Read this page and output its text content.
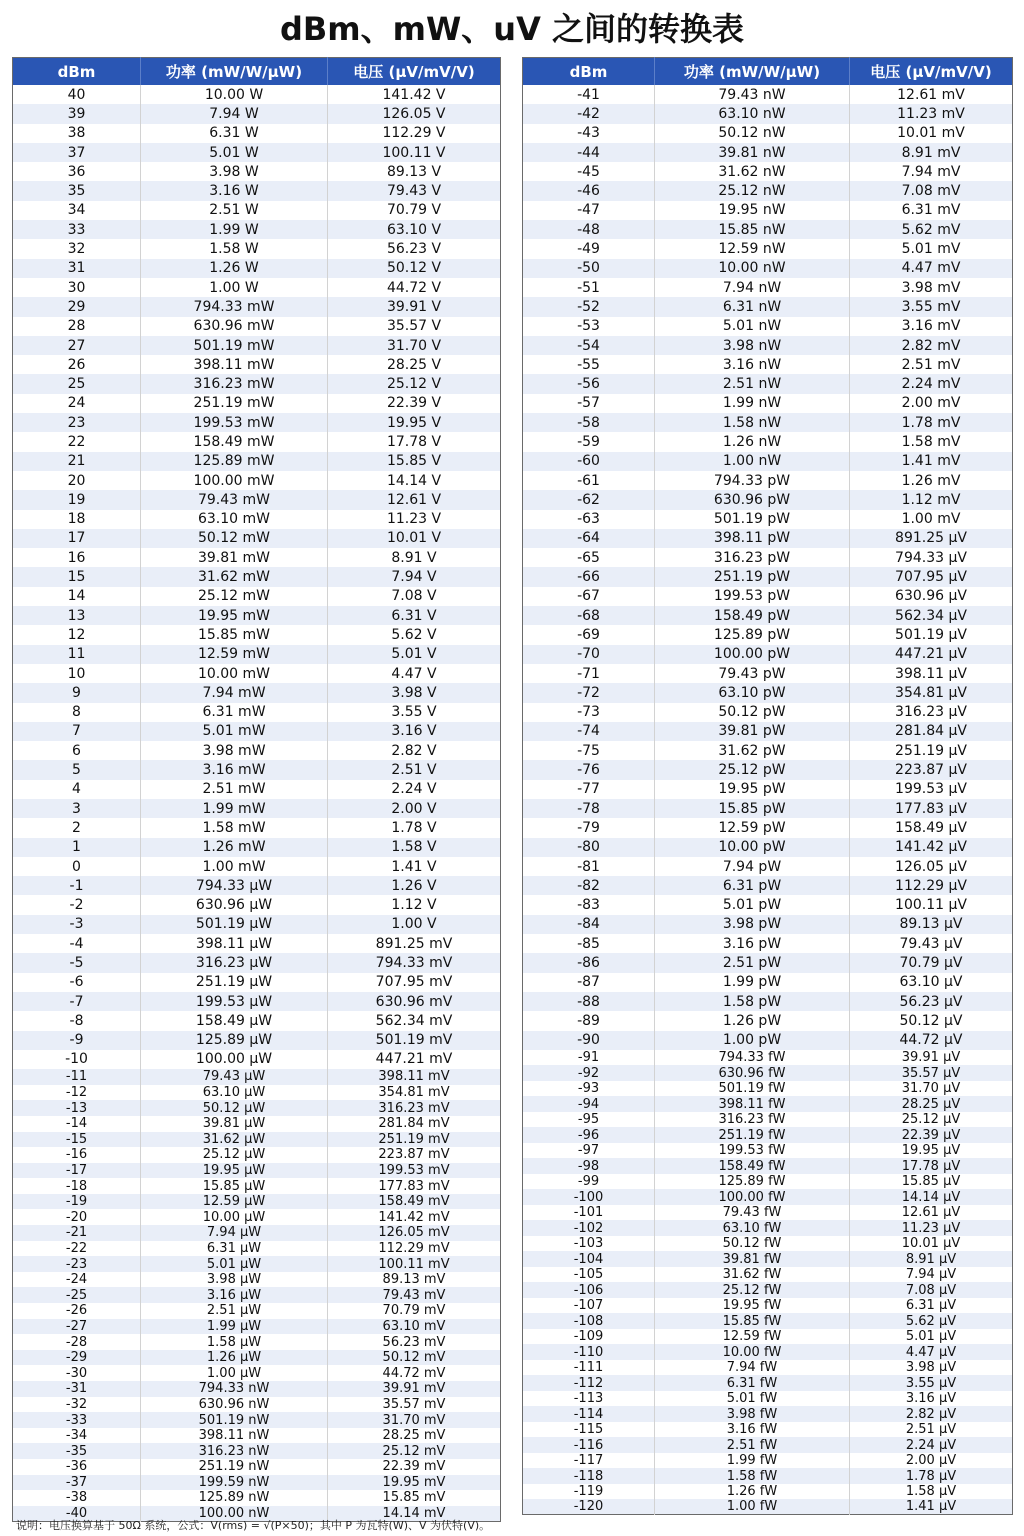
dBm、mW、uV 之间的转换表
dBm	功率 (mW/W/μW)	电压 (μV/mV/V)
40	10.00 W	141.42 V
39	7.94 W	126.05 V
38	6.31 W	112.29 V
37	5.01 W	100.11 V
36	3.98 W	89.13 V
35	3.16 W	79.43 V
34	2.51 W	70.79 V
33	1.99 W	63.10 V
32	1.58 W	56.23 V
31	1.26 W	50.12 V
30	1.00 W	44.72 V
29	794.33 mW	39.91 V
28	630.96 mW	35.57 V
27	501.19 mW	31.70 V
26	398.11 mW	28.25 V
25	316.23 mW	25.12 V
24	251.19 mW	22.39 V
23	199.53 mW	19.95 V
22	158.49 mW	17.78 V
21	125.89 mW	15.85 V
20	100.00 mW	14.14 V
19	79.43 mW	12.61 V
18	63.10 mW	11.23 V
17	50.12 mW	10.01 V
16	39.81 mW	8.91 V
15	31.62 mW	7.94 V
14	25.12 mW	7.08 V
13	19.95 mW	6.31 V
12	15.85 mW	5.62 V
11	12.59 mW	5.01 V
10	10.00 mW	4.47 V
9	7.94 mW	3.98 V
8	6.31 mW	3.55 V
7	5.01 mW	3.16 V
6	3.98 mW	2.82 V
5	3.16 mW	2.51 V
4	2.51 mW	2.24 V
3	1.99 mW	2.00 V
2	1.58 mW	1.78 V
1	1.26 mW	1.58 V
0	1.00 mW	1.41 V
-1	794.33 μW	1.26 V
-2	630.96 μW	1.12 V
-3	501.19 μW	1.00 V
-4	398.11 μW	891.25 mV
-5	316.23 μW	794.33 mV
-6	251.19 μW	707.95 mV
-7	199.53 μW	630.96 mV
-8	158.49 μW	562.34 mV
-9	125.89 μW	501.19 mV
-10	100.00 μW	447.21 mV
-11	79.43 μW	398.11 mV
-12	63.10 μW	354.81 mV
-13	50.12 μW	316.23 mV
-14	39.81 μW	281.84 mV
-15	31.62 μW	251.19 mV
-16	25.12 μW	223.87 mV
-17	19.95 μW	199.53 mV
-18	15.85 μW	177.83 mV
-19	12.59 μW	158.49 mV
-20	10.00 μW	141.42 mV
-21	7.94 μW	126.05 mV
-22	6.31 μW	112.29 mV
-23	5.01 μW	100.11 mV
-24	3.98 μW	89.13 mV
-25	3.16 μW	79.43 mV
-26	2.51 μW	70.79 mV
-27	1.99 μW	63.10 mV
-28	1.58 μW	56.23 mV
-29	1.26 μW	50.12 mV
-30	1.00 μW	44.72 mV
-31	794.33 nW	39.91 mV
-32	630.96 nW	35.57 mV
-33	501.19 nW	31.70 mV
-34	398.11 nW	28.25 mV
-35	316.23 nW	25.12 mV
-36	251.19 nW	22.39 mV
-37	199.59 nW	19.95 mV
-38	125.89 nW	15.85 mV
-40	100.00 nW	14.14 mV
dBm	功率 (mW/W/μW)	电压 (μV/mV/V)
-41	79.43 nW	12.61 mV
-42	63.10 nW	11.23 mV
-43	50.12 nW	10.01 mV
-44	39.81 nW	8.91 mV
-45	31.62 nW	7.94 mV
-46	25.12 nW	7.08 mV
-47	19.95 nW	6.31 mV
-48	15.85 nW	5.62 mV
-49	12.59 nW	5.01 mV
-50	10.00 nW	4.47 mV
-51	7.94 nW	3.98 mV
-52	6.31 nW	3.55 mV
-53	5.01 nW	3.16 mV
-54	3.98 nW	2.82 mV
-55	3.16 nW	2.51 mV
-56	2.51 nW	2.24 mV
-57	1.99 nW	2.00 mV
-58	1.58 nW	1.78 mV
-59	1.26 nW	1.58 mV
-60	1.00 nW	1.41 mV
-61	794.33 pW	1.26 mV
-62	630.96 pW	1.12 mV
-63	501.19 pW	1.00 mV
-64	398.11 pW	891.25 μV
-65	316.23 pW	794.33 μV
-66	251.19 pW	707.95 μV
-67	199.53 pW	630.96 μV
-68	158.49 pW	562.34 μV
-69	125.89 pW	501.19 μV
-70	100.00 pW	447.21 μV
-71	79.43 pW	398.11 μV
-72	63.10 pW	354.81 μV
-73	50.12 pW	316.23 μV
-74	39.81 pW	281.84 μV
-75	31.62 pW	251.19 μV
-76	25.12 pW	223.87 μV
-77	19.95 pW	199.53 μV
-78	15.85 pW	177.83 μV
-79	12.59 pW	158.49 μV
-80	10.00 pW	141.42 μV
-81	7.94 pW	126.05 μV
-82	6.31 pW	112.29 μV
-83	5.01 pW	100.11 μV
-84	3.98 pW	89.13 μV
-85	3.16 pW	79.43 μV
-86	2.51 pW	70.79 μV
-87	1.99 pW	63.10 μV
-88	1.58 pW	56.23 μV
-89	1.26 pW	50.12 μV
-90	1.00 pW	44.72 μV
-91	794.33 fW	39.91 μV
-92	630.96 fW	35.57 μV
-93	501.19 fW	31.70 μV
-94	398.11 fW	28.25 μV
-95	316.23 fW	25.12 μV
-96	251.19 fW	22.39 μV
-97	199.53 fW	19.95 μV
-98	158.49 fW	17.78 μV
-99	125.89 fW	15.85 μV
-100	100.00 fW	14.14 μV
-101	79.43 fW	12.61 μV
-102	63.10 fW	11.23 μV
-103	50.12 fW	10.01 μV
-104	39.81 fW	8.91 μV
-105	31.62 fW	7.94 μV
-106	25.12 fW	7.08 μV
-107	19.95 fW	6.31 μV
-108	15.85 fW	5.62 μV
-109	12.59 fW	5.01 μV
-110	10.00 fW	4.47 μV
-111	7.94 fW	3.98 μV
-112	6.31 fW	3.55 μV
-113	5.01 fW	3.16 μV
-114	3.98 fW	2.82 μV
-115	3.16 fW	2.51 μV
-116	2.51 fW	2.24 μV
-117	1.99 fW	2.00 μV
-118	1.58 fW	1.78 μV
-119	1.26 fW	1.58 μV
-120	1.00 fW	1.41 μV

说明：电压换算基于 50Ω 系统，公式：V(rms) = √(P×50)；其中 P 为瓦特(W)、V 为伏特(V)。
